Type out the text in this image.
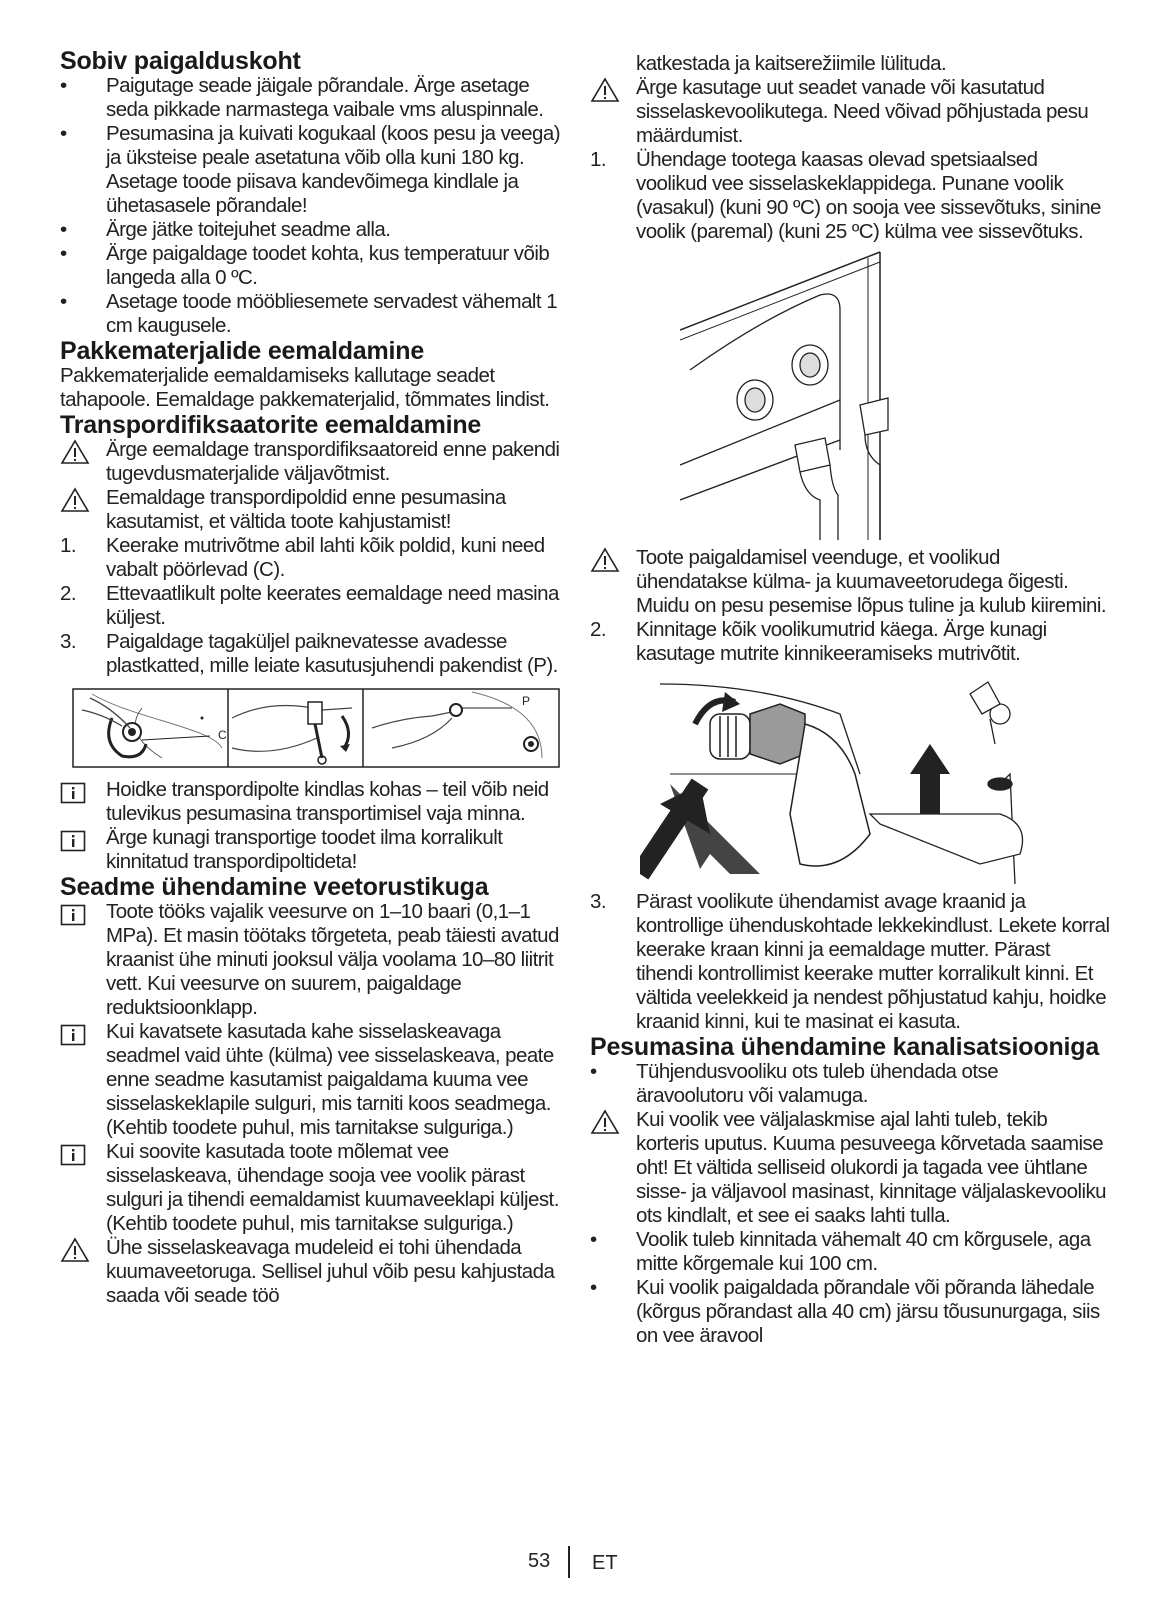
Sobiv paigalduskoht
•	Paigutage seade jäigale põrandale. Ärge asetage seda pikkade narmastega vaibale vms aluspinnale.
•	Pesumasina ja kuivati kogukaal (koos pesu ja veega) ja üksteise peale asetatuna võib olla kuni 180 kg. Asetage toode piisava kandevõimega kindlale ja ühetasasele põrandale!
•	Ärge jätke toitejuhet seadme alla.
•	Ärge paigaldage toodet kohta, kus temperatuur võib langeda alla 0 ºC.
•	Asetage toode mööbliesemete servadest vähemalt 1 cm kaugusele.
Pakkematerjalide eemaldamine

Pakkematerjalide eemaldamiseks kallutage seadet tahapoole. Eemaldage pakkematerjalid, tõmmates lindist.

Transpordifiksaatorite eemaldamine
Ärge eemaldage transpordifiksaatoreid enne pakendi tugevdusmaterjalide väljavõtmist.
Eemaldage transpordipoldid enne pesumasina kasutamist, et vältida toote kahjustamist!
1.	Keerake mutrivõtme abil lahti kõik poldid, kuni need vabalt pöörlevad (C).
2.	Ettevaatlikult polte keerates eemaldage need masina küljest.
3.	Paigaldage tagaküljel paiknevatesse avadesse plastkatted, mille leiate kasutusjuhendi pakendist (P).
C
P
Hoidke transpordipolte kindlas kohas – teil võib neid tulevikus pesumasina transportimisel vaja minna.
Ärge kunagi transportige toodet ilma korralikult kinnitatud transpordipoltideta!
Seadme ühendamine veetorustikuga
Toote tööks vajalik veesurve on 1–10 baari (0,1–1 MPa). Et masin töötaks tõrgeteta, peab täiesti avatud kraanist ühe minuti jooksul välja voolama 10–80 liitrit vett. Kui veesurve on suurem, paigaldage reduktsioonklapp.
Kui kavatsete kasutada kahe sisselaskeavaga seadmel vaid ühte (külma) vee sisselaskeava, peate enne seadme kasutamist paigaldama kuuma vee sisselaskeklapile sulguri, mis tarniti koos seadmega. (Kehtib toodete puhul, mis tarnitakse sulguriga.)
Kui soovite kasutada toote mõlemat vee sisselaskeava, ühendage sooja vee voolik pärast sulguri ja tihendi eemaldamist kuumaveeklapi küljest. (Kehtib toodete puhul, mis tarnitakse sulguriga.)
Ühe sisselaskeavaga mudeleid ei tohi ühendada kuumaveetoruga. Sellisel juhul võib pesu kahjustada saada või seade töö
katkestada ja kaitserežiimile lülituda.
Ärge kasutage uut seadet vanade või kasutatud sisselaskevoolikutega. Need võivad põhjustada pesu määrdumist.
1.	Ühendage tootega kaasas olevad spetsiaalsed voolikud vee sisselaskeklappidega. Punane voolik (vasakul) (kuni 90 ºC) on sooja vee sissevõtuks, sinine voolik (paremal) (kuni 25 ºC) külma vee sissevõtuks.
Toote paigaldamisel veenduge, et voolikud ühendatakse külma- ja kuumaveetorudega õigesti. Muidu on pesu pesemise lõpus tuline ja kulub kiiremini.
2.	Kinnitage kõik voolikumutrid käega. Ärge kunagi kasutage mutrite kinnikeeramiseks mutrivõtit.
3.	Pärast voolikute ühendamist avage kraanid ja kontrollige ühenduskohtade lekkekindlust. Lekete korral keerake kraan kinni ja eemaldage mutter. Pärast tihendi kontrollimist keerake mutter korralikult kinni. Et vältida veelekkeid ja nendest põhjustatud kahju, hoidke kraanid kinni, kui te masinat ei kasuta.
Pesumasina ühendamine kanalisatsiooniga
•	Tühjendusvooliku ots tuleb ühendada otse äravoolutoru või valamuga.
Kui voolik vee väljalaskmise ajal lahti tuleb, tekib korteris uputus. Kuuma pesuveega kõrvetada saamise oht! Et vältida selliseid olukordi ja tagada vee ühtlane sisse- ja väljavool masinast, kinnitage väljalaskevooliku ots kindlalt, et see ei saaks lahti tulla.
•	Voolik tuleb kinnitada vähemalt 40 cm kõrgusele, aga mitte kõrgemale kui 100 cm.
•	Kui voolik paigaldada põrandale või põranda lähedale (kõrgus põrandast alla 40 cm) järsu tõusunurgaga, siis on vee äravool
53 ET
